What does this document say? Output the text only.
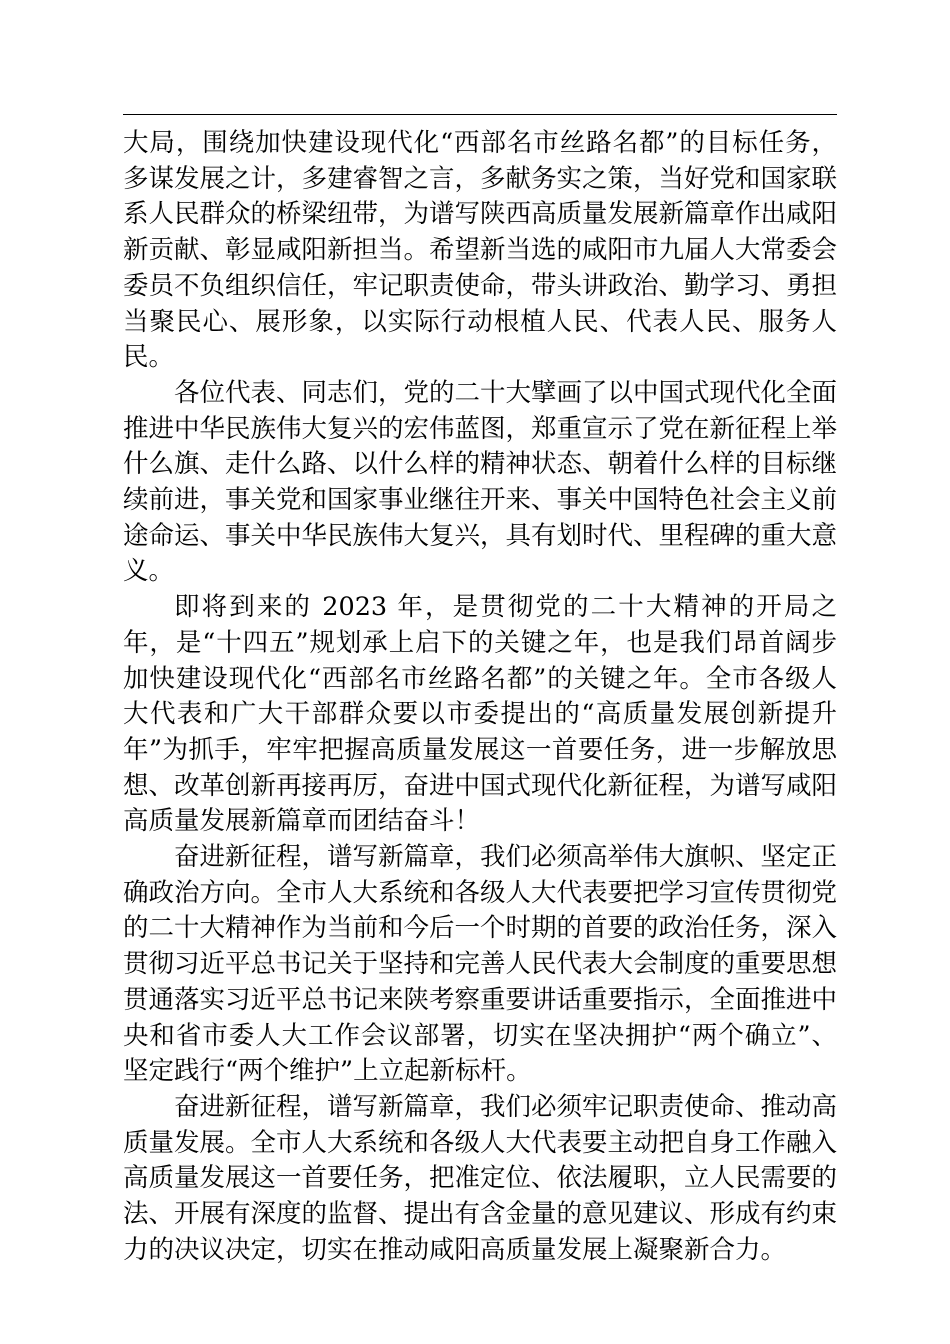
大局，围绕加快建设现代化“西部名市丝路名都”的目标任务，多谋发展之计，多建睿智之言，多献务实之策，当好党和国家联系人民群众的桥梁纽带，为谱写陕西高质量发展新篇章作出咸阳新贡献、彰显咸阳新担当。希望新当选的咸阳市九届人大常委会委员不负组织信任，牢记职责使命，带头讲政治、勤学习、勇担当聚民心、展形象，以实际行动根植人民、代表人民、服务人民。

各位代表、同志们，党的二十大擘画了以中国式现代化全面推进中华民族伟大复兴的宏伟蓝图，郑重宣示了党在新征程上举什么旗、走什么路、以什么样的精神状态、朝着什么样的目标继续前进，事关党和国家事业继往开来、事关中国特色社会主义前途命运、事关中华民族伟大复兴，具有划时代、里程碑的重大意义。

即将到来的 2023 年，是贯彻党的二十大精神的开局之年，是“十四五”规划承上启下的关键之年，也是我们昂首阔步加快建设现代化“西部名市丝路名都”的关键之年。全市各级人大代表和广大干部群众要以市委提出的“高质量发展创新提升年”为抓手，牢牢把握高质量发展这一首要任务，进一步解放思想、改革创新再接再厉，奋进中国式现代化新征程，为谱写咸阳高质量发展新篇章而团结奋斗！

奋进新征程，谱写新篇章，我们必须高举伟大旗帜、坚定正确政治方向。全市人大系统和各级人大代表要把学习宣传贯彻党的二十大精神作为当前和今后一个时期的首要的政治任务，深入贯彻习近平总书记关于坚持和完善人民代表大会制度的重要思想贯通落实习近平总书记来陕考察重要讲话重要指示，全面推进中央和省市委人大工作会议部署，切实在坚决拥护“两个确立”、坚定践行“两个维护”上立起新标杆。

奋进新征程，谱写新篇章，我们必须牢记职责使命、推动高质量发展。全市人大系统和各级人大代表要主动把自身工作融入高质量发展这一首要任务，把准定位、依法履职，立人民需要的法、开展有深度的监督、提出有含金量的意见建议、形成有约束力的决议决定，切实在推动咸阳高质量发展上凝聚新合力。
